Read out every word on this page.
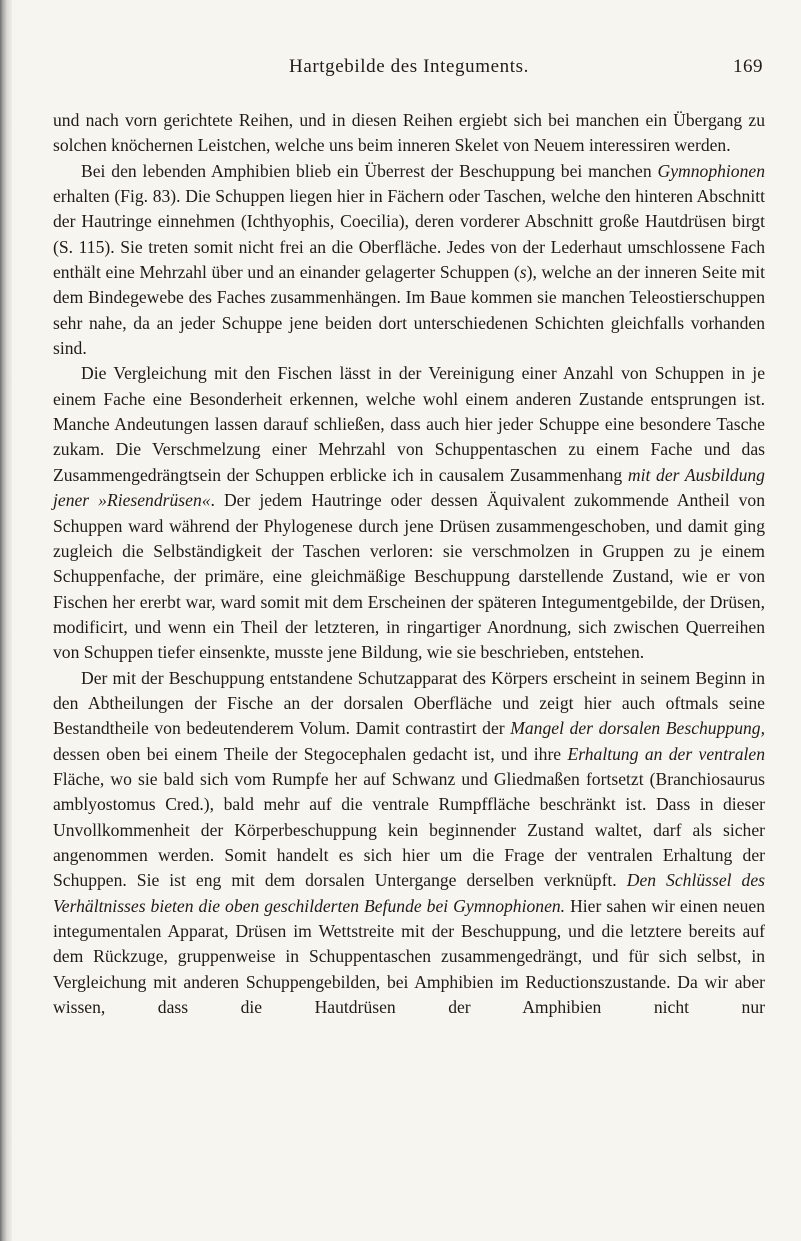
Hartgebilde des Integuments.	169

und nach vorn gerichtete Reihen, und in diesen Reihen ergiebt sich bei manchen ein Übergang zu solchen knöchernen Leistchen, welche uns beim inneren Skelet von Neuem interessiren werden.

Bei den lebenden Amphibien blieb ein Überrest der Beschuppung bei manchen Gymnophionen erhalten (Fig. 83). Die Schuppen liegen hier in Fächern oder Taschen, welche den hinteren Abschnitt der Hautringe einnehmen (Ichthyophis, Coecilia), deren vorderer Abschnitt große Hautdrüsen birgt (S. 115). Sie treten somit nicht frei an die Oberfläche. Jedes von der Lederhaut umschlossene Fach enthält eine Mehrzahl über und an einander gelagerter Schuppen (s), welche an der inneren Seite mit dem Bindegewebe des Faches zusammenhängen. Im Baue kommen sie manchen Teleostierschuppen sehr nahe, da an jeder Schuppe jene beiden dort unterschiedenen Schichten gleichfalls vorhanden sind.

Die Vergleichung mit den Fischen lässt in der Vereinigung einer Anzahl von Schuppen in je einem Fache eine Besonderheit erkennen, welche wohl einem anderen Zustande entsprungen ist. Manche Andeutungen lassen darauf schließen, dass auch hier jeder Schuppe eine besondere Tasche zukam. Die Verschmelzung einer Mehrzahl von Schuppentaschen zu einem Fache und das Zusammengedrängtsein der Schuppen erblicke ich in causalem Zusammenhang mit der Ausbildung jener »Riesendrüsen«. Der jedem Hautringe oder dessen Äquivalent zukommende Antheil von Schuppen ward während der Phylogenese durch jene Drüsen zusammengeschoben, und damit ging zugleich die Selbständigkeit der Taschen verloren: sie verschmolzen in Gruppen zu je einem Schuppenfache, der primäre, eine gleichmäßige Beschuppung darstellende Zustand, wie er von Fischen her ererbt war, ward somit mit dem Erscheinen der späteren Integumentgebilde, der Drüsen, modificirt, und wenn ein Theil der letzteren, in ringartiger Anordnung, sich zwischen Querreihen von Schuppen tiefer einsenkte, musste jene Bildung, wie sie beschrieben, entstehen.

Der mit der Beschuppung entstandene Schutzapparat des Körpers erscheint in seinem Beginn in den Abtheilungen der Fische an der dorsalen Oberfläche und zeigt hier auch oftmals seine Bestandtheile von bedeutenderem Volum. Damit contrastirt der Mangel der dorsalen Beschuppung, dessen oben bei einem Theile der Stegocephalen gedacht ist, und ihre Erhaltung an der ventralen Fläche, wo sie bald sich vom Rumpfe her auf Schwanz und Gliedmaßen fortsetzt (Branchiosaurus amblyostomus Cred.), bald mehr auf die ventrale Rumpffläche beschränkt ist. Dass in dieser Unvollkommenheit der Körperbeschuppung kein beginnender Zustand waltet, darf als sicher angenommen werden. Somit handelt es sich hier um die Frage der ventralen Erhaltung der Schuppen. Sie ist eng mit dem dorsalen Untergange derselben verknüpft. Den Schlüssel des Verhältnisses bieten die oben geschilderten Befunde bei Gymnophionen. Hier sahen wir einen neuen integumentalen Apparat, Drüsen im Wettstreite mit der Beschuppung, und die letztere bereits auf dem Rückzuge, gruppenweise in Schuppentaschen zusammengedrängt, und für sich selbst, in Vergleichung mit anderen Schuppengebilden, bei Amphibien im Reductionszustande. Da wir aber wissen, dass die Hautdrüsen der Amphibien nicht nur
